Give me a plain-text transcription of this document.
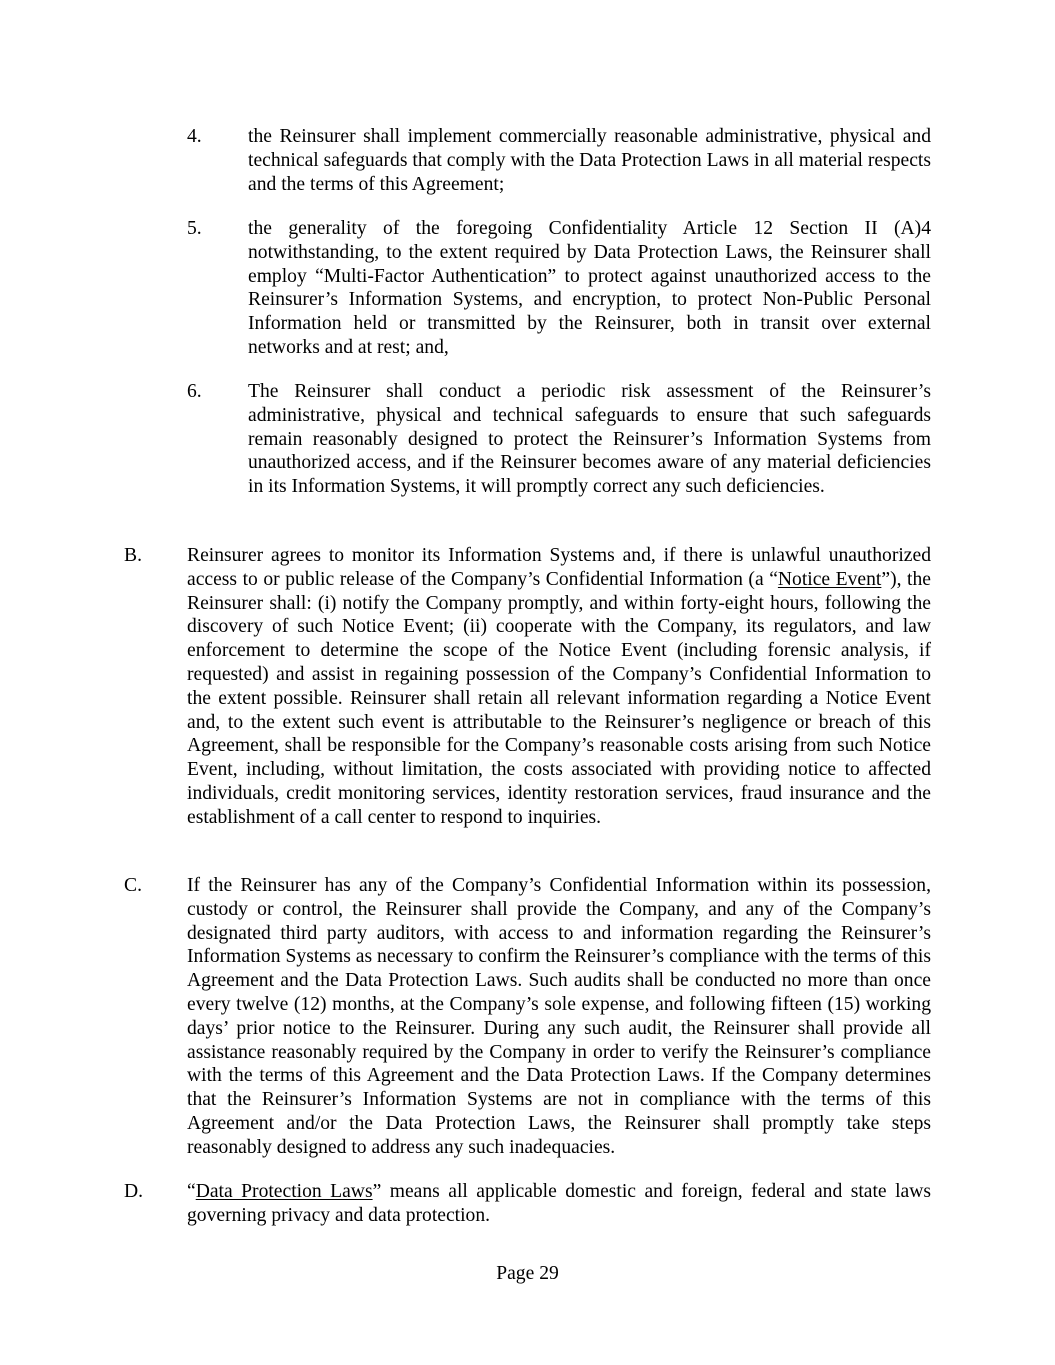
4. the Reinsurer shall implement commercially reasonable administrative, physical and technical safeguards that comply with the Data Protection Laws in all material respects and the terms of this Agreement;
5. the generality of the foregoing Confidentiality Article 12 Section II (A)4 notwithstanding, to the extent required by Data Protection Laws, the Reinsurer shall employ “Multi-Factor Authentication” to protect against unauthorized access to the Reinsurer’s Information Systems, and encryption, to protect Non-Public Personal Information held or transmitted by the Reinsurer, both in transit over external networks and at rest; and,
6. The Reinsurer shall conduct a periodic risk assessment of the Reinsurer’s administrative, physical and technical safeguards to ensure that such safeguards remain reasonably designed to protect the Reinsurer’s Information Systems from unauthorized access, and if the Reinsurer becomes aware of any material deficiencies in its Information Systems, it will promptly correct any such deficiencies.
B. Reinsurer agrees to monitor its Information Systems and, if there is unlawful unauthorized access to or public release of the Company’s Confidential Information (a “Notice Event”), the Reinsurer shall: (i) notify the Company promptly, and within forty-eight hours, following the discovery of such Notice Event; (ii) cooperate with the Company, its regulators, and law enforcement to determine the scope of the Notice Event (including forensic analysis, if requested) and assist in regaining possession of the Company’s Confidential Information to the extent possible. Reinsurer shall retain all relevant information regarding a Notice Event and, to the extent such event is attributable to the Reinsurer’s negligence or breach of this Agreement, shall be responsible for the Company’s reasonable costs arising from such Notice Event, including, without limitation, the costs associated with providing notice to affected individuals, credit monitoring services, identity restoration services, fraud insurance and the establishment of a call center to respond to inquiries.
C. If the Reinsurer has any of the Company’s Confidential Information within its possession, custody or control, the Reinsurer shall provide the Company, and any of the Company’s designated third party auditors, with access to and information regarding the Reinsurer’s Information Systems as necessary to confirm the Reinsurer’s compliance with the terms of this Agreement and the Data Protection Laws. Such audits shall be conducted no more than once every twelve (12) months, at the Company’s sole expense, and following fifteen (15) working days’ prior notice to the Reinsurer. During any such audit, the Reinsurer shall provide all assistance reasonably required by the Company in order to verify the Reinsurer’s compliance with the terms of this Agreement and the Data Protection Laws. If the Company determines that the Reinsurer’s Information Systems are not in compliance with the terms of this Agreement and/or the Data Protection Laws, the Reinsurer shall promptly take steps reasonably designed to address any such inadequacies.
D. “Data Protection Laws” means all applicable domestic and foreign, federal and state laws governing privacy and data protection.
Page 29
